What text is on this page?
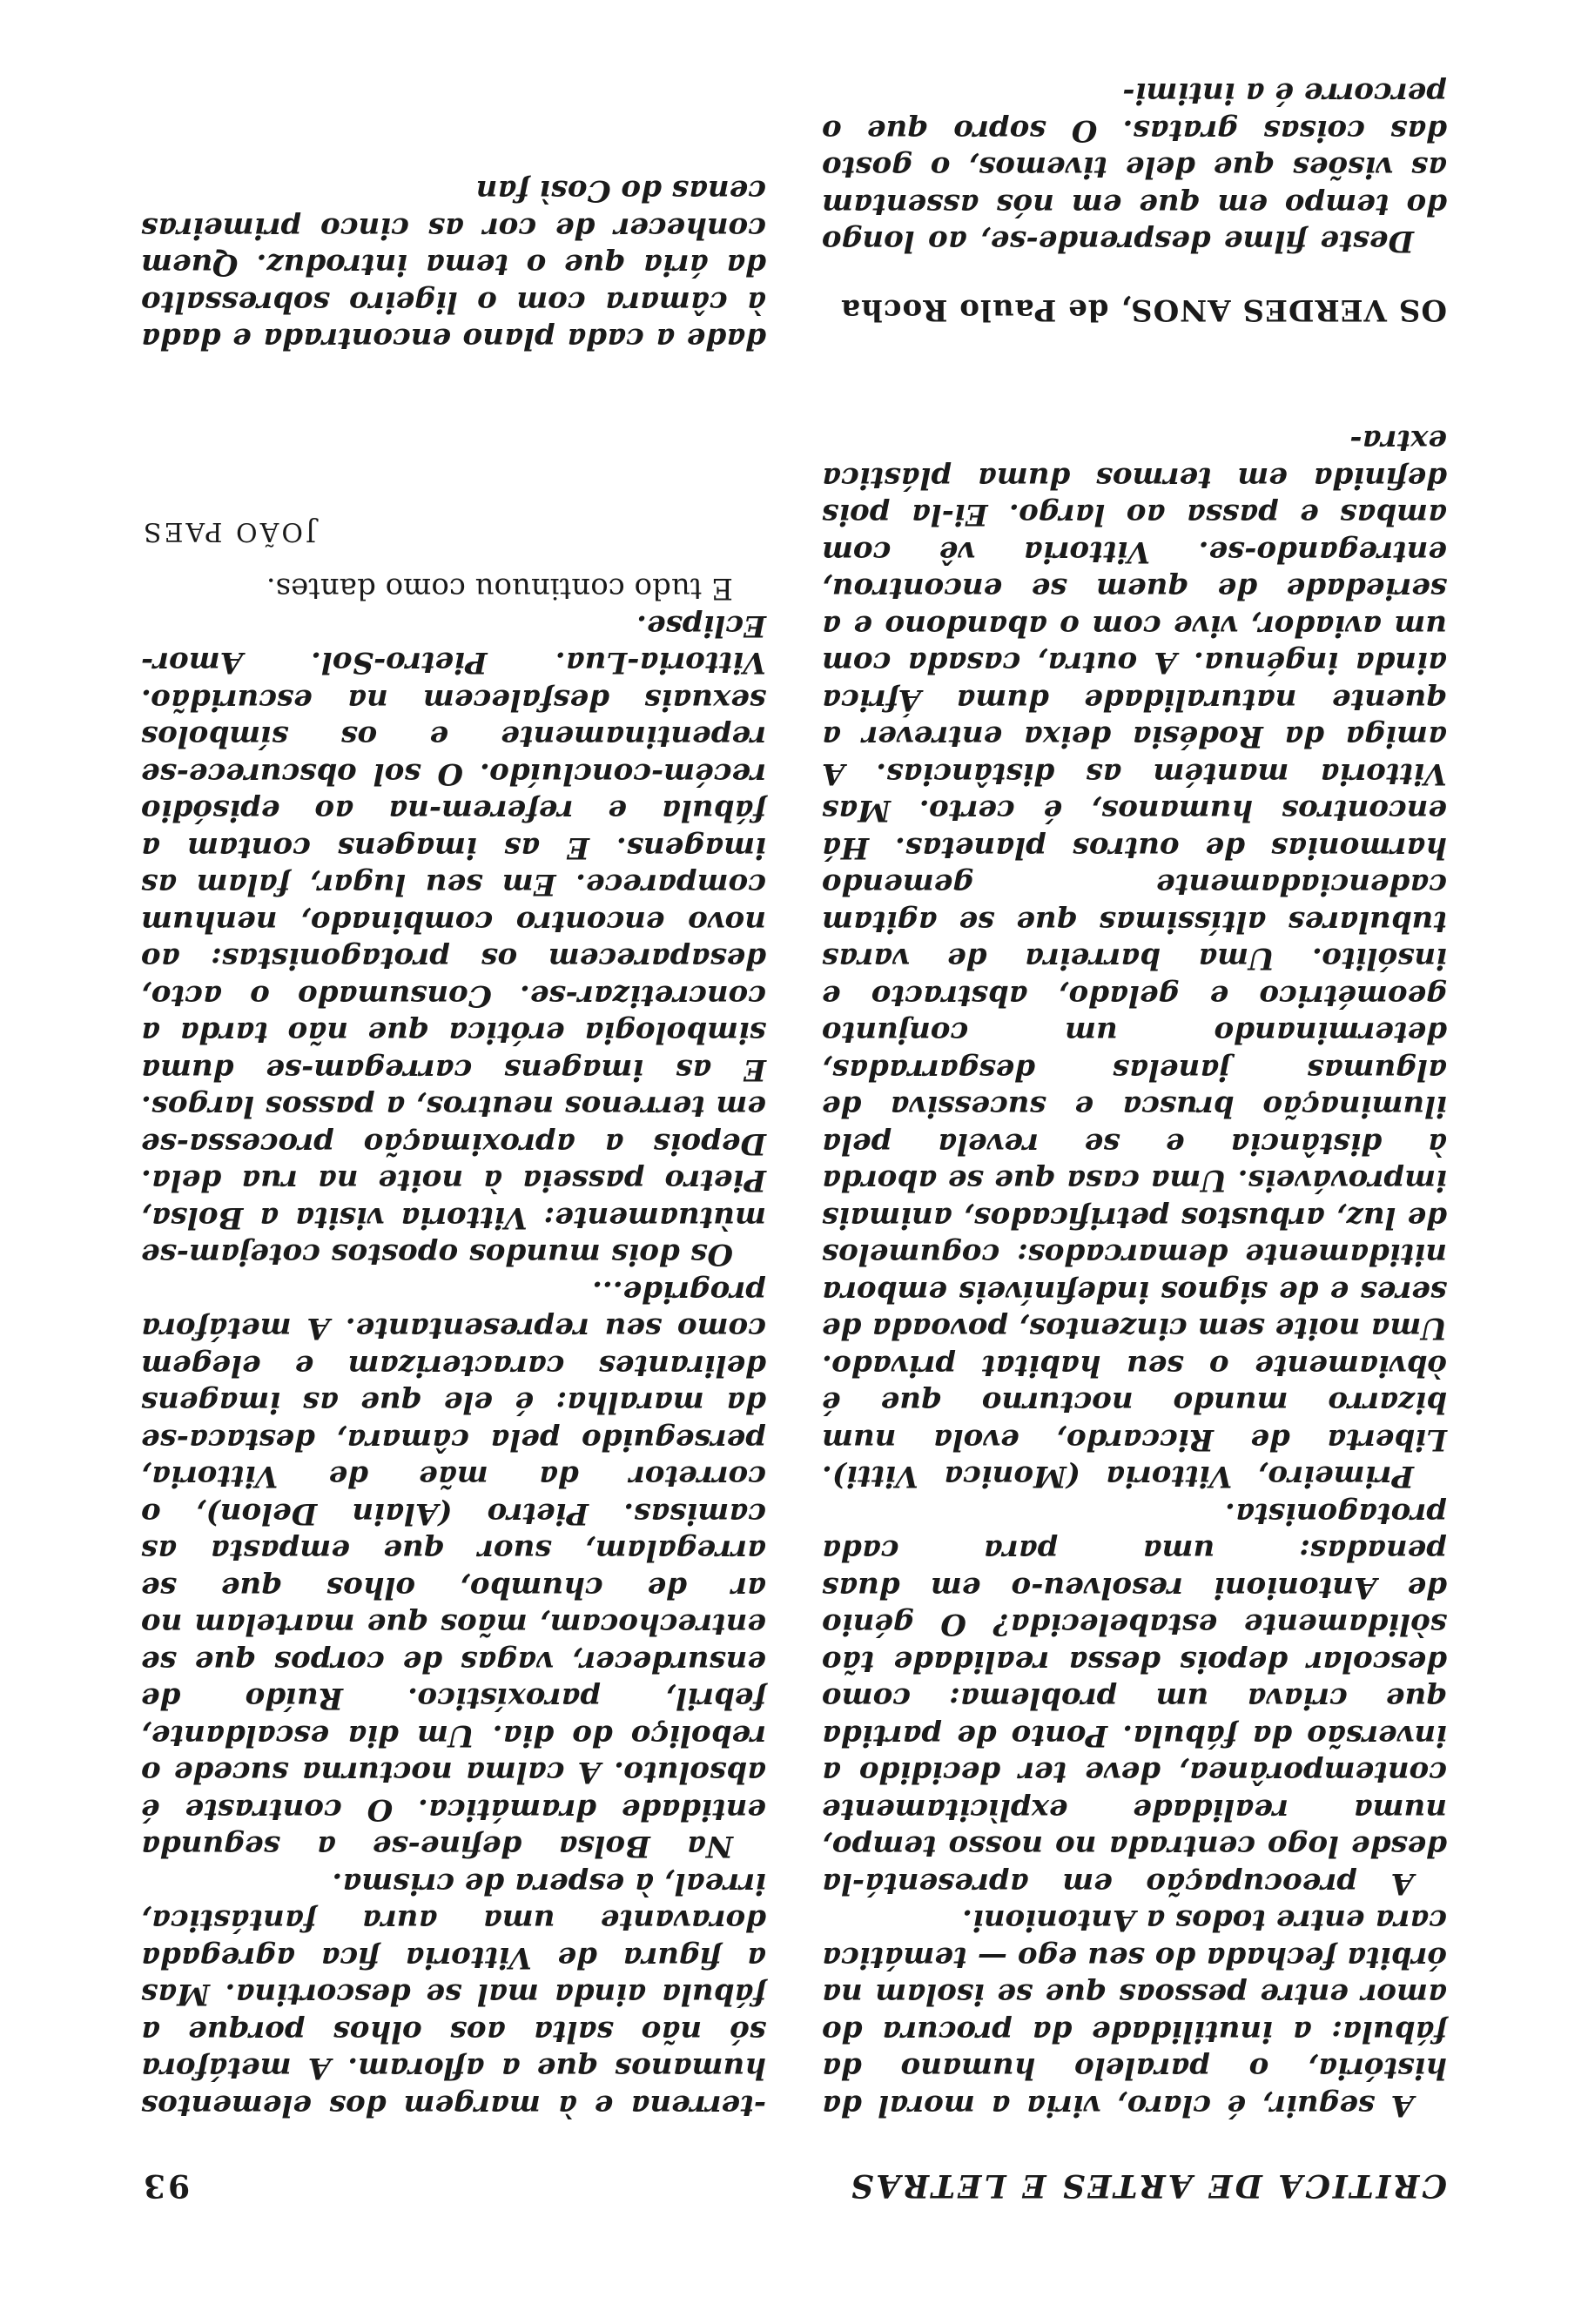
CRITICA DE ARTES E LETRAS
93

A seguir, é claro, viria a moral da história, o paralelo humano da fábula: a inutilidade da procura do amor entre pessoas que se isolam na órbita fechada do seu ego — temática cara entre todos a Antonioni.

A preocupação em apresentá-la desde logo centrada no nosso tempo, numa realidade explìcitamente contemporânea, deve ter decidido a inversão da fábula. Ponto de partida que criava um problema: como descolar depois dessa realidade tão sòlidamente estabelecida? O génio de Antonioni resolveu-o em duas penadas: uma para cada protagonista.

Primeiro, Vittoria (Monica Vitti). Liberta de Riccardo, evola num bizarro mundo nocturno que é òbviamente o seu habitat privado. Uma noite sem cinzentos, povoada de seres e de signos indefiníveis embora nitidamente demarcados: cogumelos de luz, arbustos petrificados, animais improváveis. Uma casa que se aborda à distância e se revela pela iluminação brusca e sucessiva de algumas janelas desgarradas, determinando um conjunto geométrico e gelado, abstracto e insólito. Uma barreira de varas tubulares altíssimas que se agitam cadenciadamente gemendo harmonias de outros planetas. Há encontros humanos, é certo. Mas Vittoria mantém as distâncias. A amiga da Rodésia deixa entrever a quente naturalidade duma África ainda ingénua. A outra, casada com um aviador, vive com o abandono e a seriedade de quem se encontrou, entregando-se. Vittoria vê com ambas e passa ao largo. Ei-la pois definida em termos duma plástica extra-

OS VERDES ANOS, de Paulo Rocha

Deste filme desprende-se, ao longo do tempo em que em nós assentam as visões que dele tivemos, o gosto das coisas gratas. O sopro que o percorre é a intimi-

-terrena e à margem dos elementos humanos que a afloram. A metáfora só não salta aos olhos porque a fábula ainda mal se descortina. Mas a figura de Vittoria fica agregada doravante uma aura fantástica, irreal, à espera de crisma.

Na Bolsa define-se a segunda entidade dramática. O contraste é absoluto. A calma nocturna sucede o reboliço do dia. Um dia escaldante, febril, paroxístico. Ruído de ensurdecer, vagas de corpos que se entrechocam, mãos que martelam no ar de chumbo, olhos que se arregalam, suor que empasta as camisas. Pietro (Alain Delon), o corretor da mãe de Vittoria, perseguido pela câmara, destaca-se da maralha: é ele que as imagens delirantes caracterizam e elegem como seu representante. A metáfora progride...

Os dois mundos opostos cotejam-se mùtuamente: Vittoria visita a Bolsa, Pietro passeia à noite na rua dela. Depois a aproximação processa-se em terrenos neutros, a passos largos. E as imagens carregam-se duma simbologia erótica que não tarda a concretizar-se. Consumado o acto, desaparecem os protagonistas: ao novo encontro combinado, nenhum comparece. Em seu lugar, falam as imagens. E as imagens contam a fábula e referem-na ao episódio recém-concluído. O sol obscurece-se repentinamente e os símbolos sexuais desfalecem na escuridão. Vittoria-Lua. Pietro-Sol. Amor-Eclipse.

E tudo continuou como dantes.

JOÃO PAES

dade a cada plano encontrada e dada à câmara com o ligeiro sobressalto da ária que o tema introduz. Quem conhecer de cor as cinco primeiras cenas do Così fan
